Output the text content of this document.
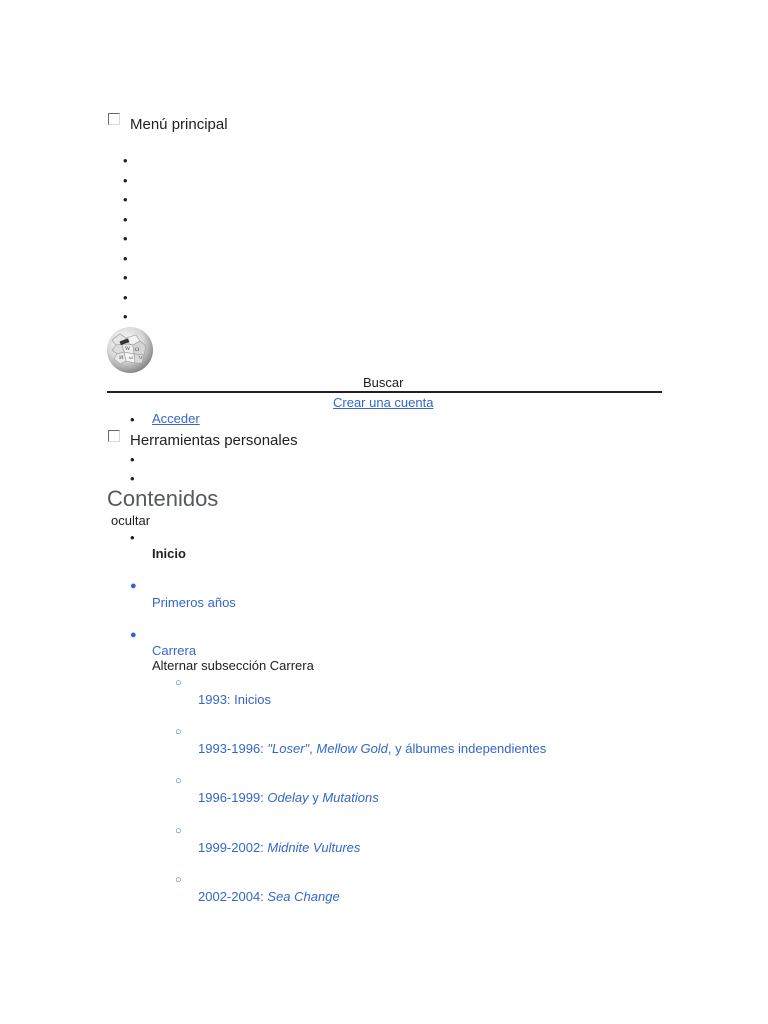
Menú principal
•
•
•
•
•
•
•
•
•
W Ω
И ω ਪ
Buscar
Crear una cuenta
• Acceder
Herramientas personales
•
•
Contenidos
ocultar
•
Inicio
●
Primeros años
●
Carrera
Alternar subsección Carrera
○
1993: Inicios
○
1993-1996: "Loser", Mellow Gold, y álbumes independientes
○
1996-1999: Odelay y Mutations
○
1999-2002: Midnite Vultures
○
2002-2004: Sea Change
